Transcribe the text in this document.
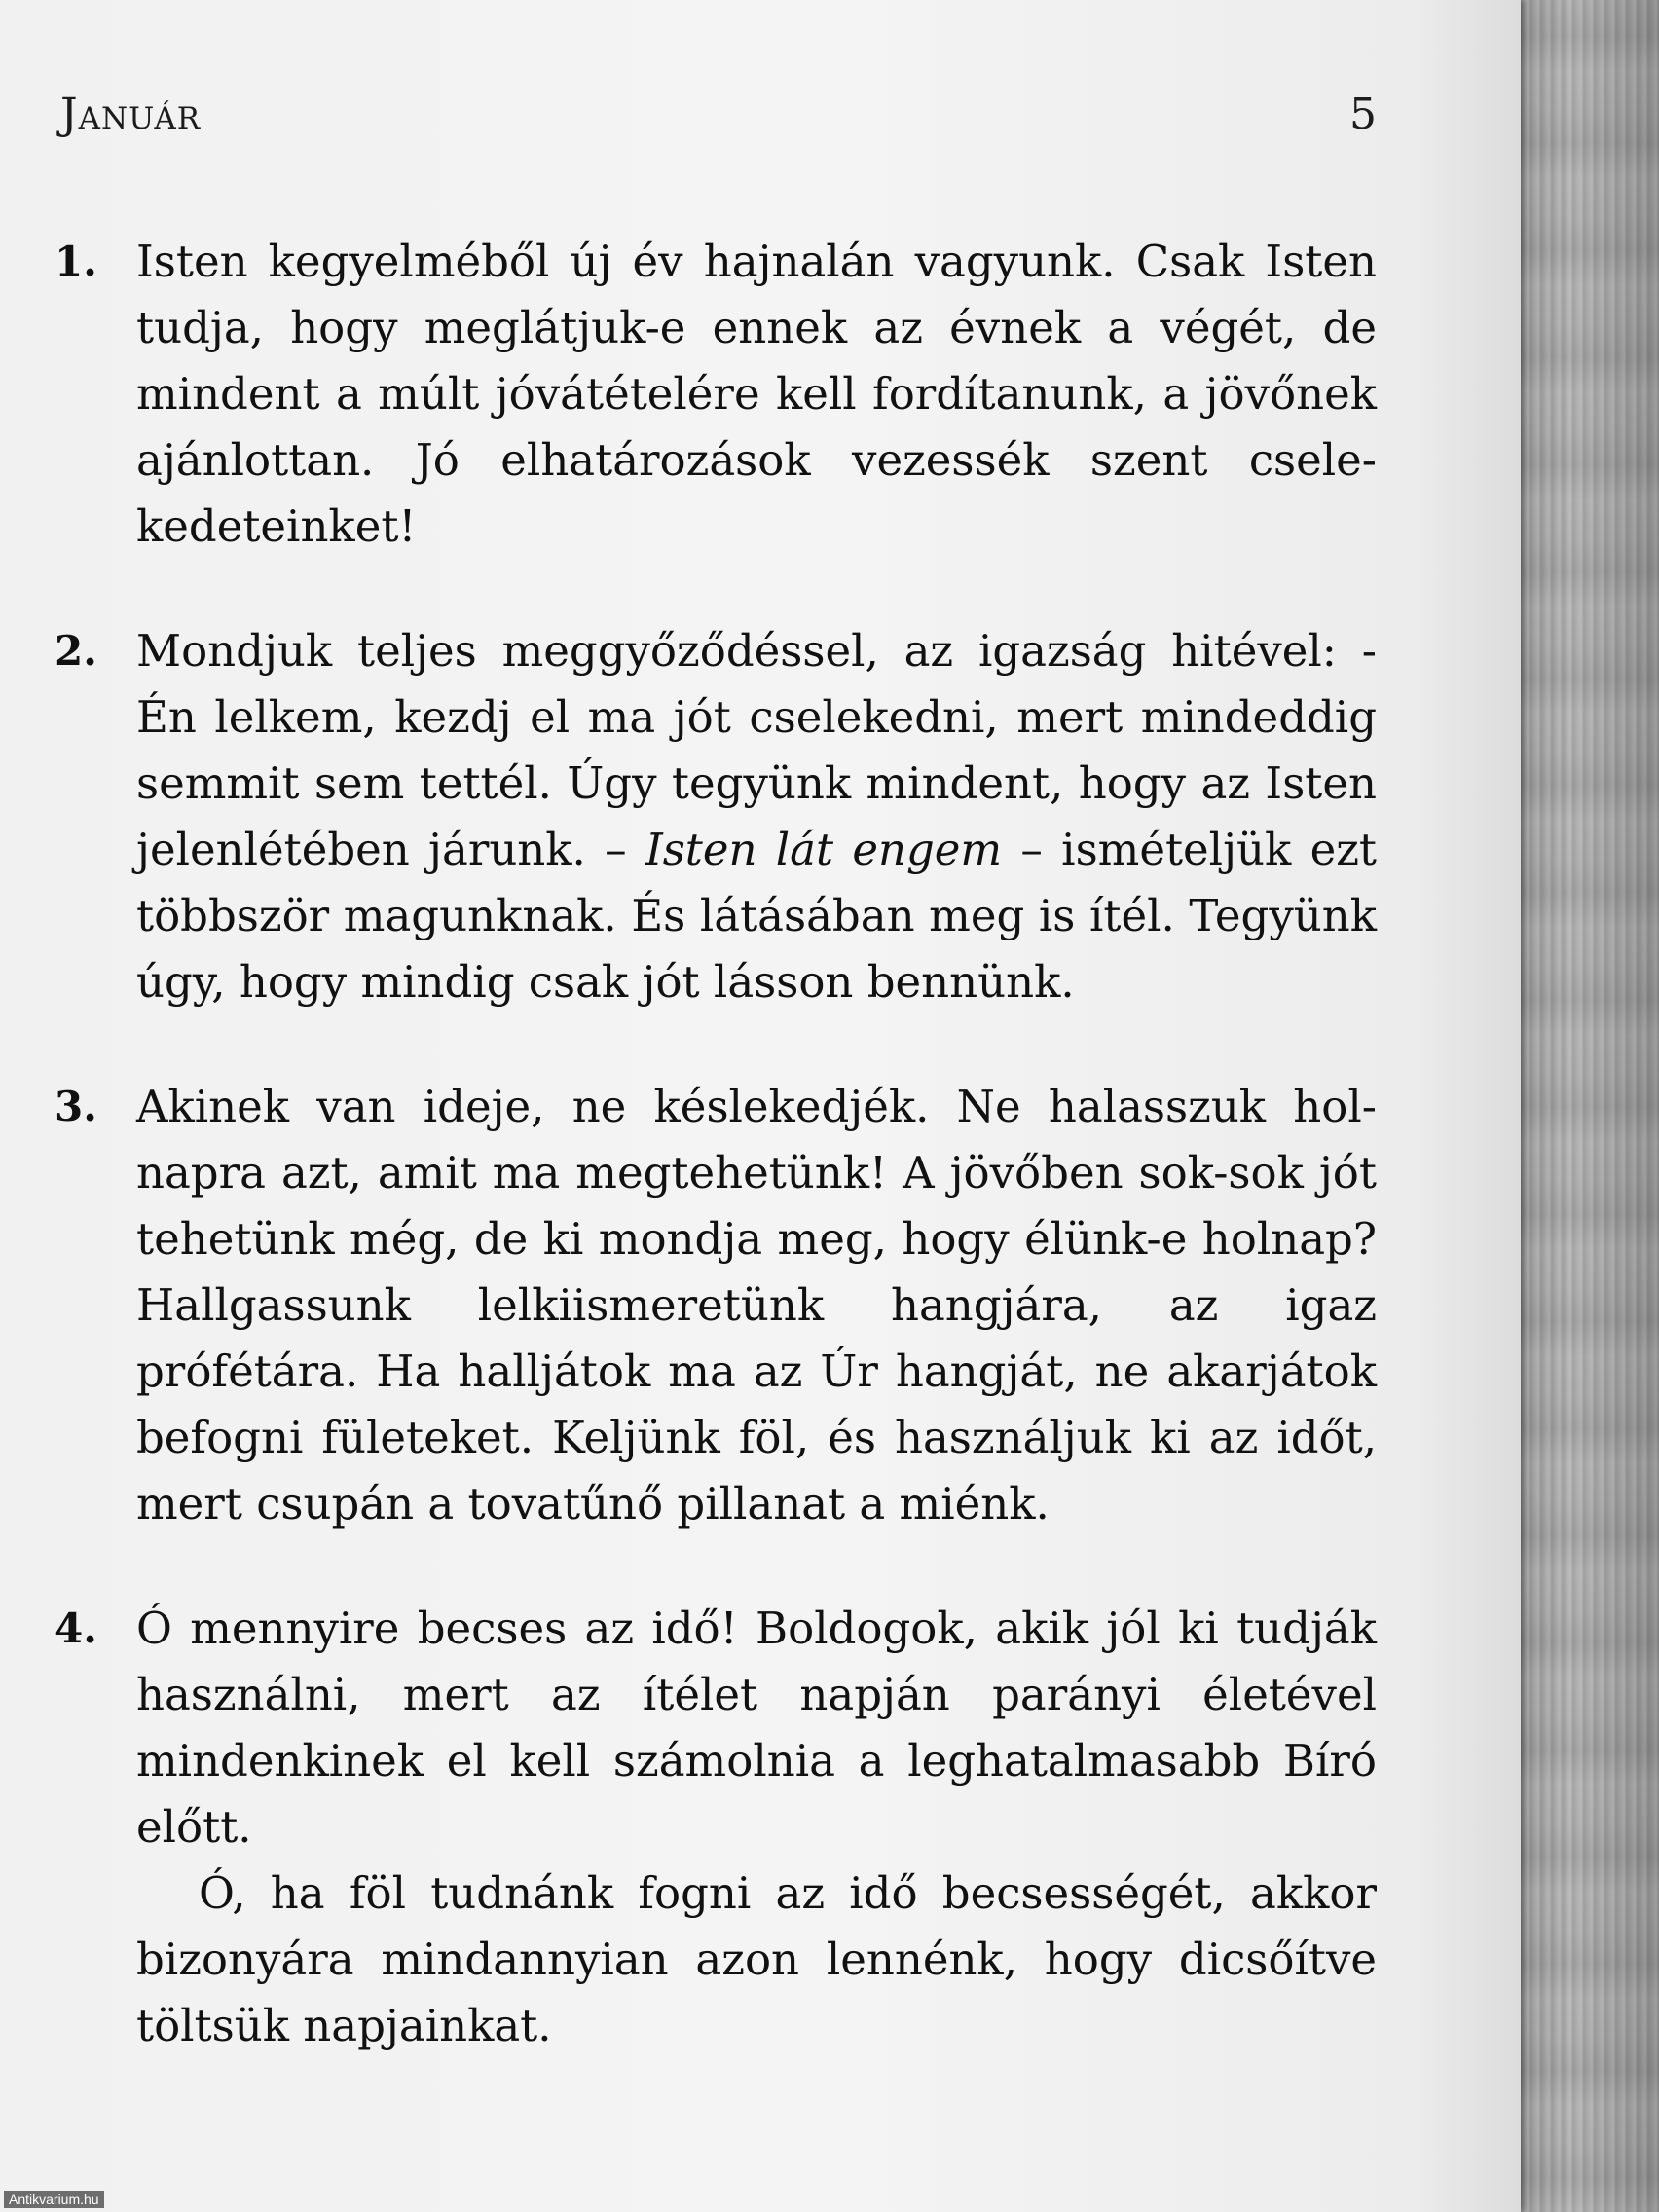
Január	5
1. Isten kegyelméből új év hajnalán vagyunk. Csak Isten tudja, hogy meglátjuk-e ennek az évnek a végét, de mindent a múlt jóvátételére kell fordítanunk, a jövőnek ajánlottan. Jó elhatározások vezessék szent cselekedeteinket!

2. Mondjuk teljes meggyőződéssel, az igazság hitével: - Én lelkem, kezdj el ma jót cselekedni, mert mindeddig semmit sem tettél. Úgy tegyünk mindent, hogy az Isten jelenlétében járunk. – Isten lát engem – ismételjük ezt többször magunknak. És látásában meg is ítél. Tegyünk úgy, hogy mindig csak jót lásson bennünk.

3. Akinek van ideje, ne késlekedjék. Ne halasszuk holnapra azt, amit ma megtehetünk! A jövőben sok-sok jót tehetünk még, de ki mondja meg, hogy élünk-e holnap? Hallgassunk lelkiismeretünk hangjára, az igaz prófétára. Ha halljátok ma az Úr hangját, ne akarjátok befogni fületeket. Keljünk föl, és használjuk ki az időt, mert csupán a tovatűnő pillanat a miénk.

4. Ó mennyire becses az idő! Boldogok, akik jól ki tudják használni, mert az ítélet napján parányi életével mindenkinek el kell számolnia a leghatalmasabb Bíró előtt.

Ó, ha föl tudnánk fogni az idő becsességét, akkor bizonyára mindannyian azon lennénk, hogy dicsőítve töltsük napjainkat.

Antikvarium.hu
